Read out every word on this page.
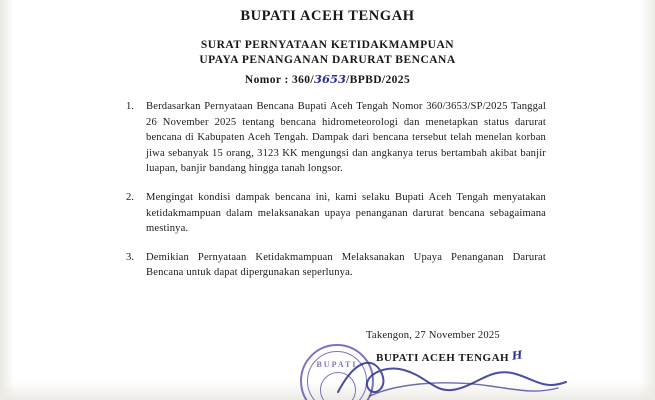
BUPATI ACEH TENGAH
SURAT PERNYATAAN KETIDAKMAMPUAN
UPAYA PENANGANAN DARURAT BENCANA
Nomor : 360/3653/BPBD/2025
1.	Berdasarkan Pernyataan Bencana Bupati Aceh Tengah Nomor 360/3653/SP/2025 Tanggal 26 November 2025 tentang bencana hidrometeorologi dan menetapkan status darurat bencana di Kabupaten Aceh Tengah. Dampak dari bencana tersebut telah menelan korban jiwa sebanyak 15 orang, 3123 KK mengungsi dan angkanya terus bertambah akibat banjir luapan, banjir bandang hingga tanah longsor.
2.	Mengingat kondisi dampak bencana ini, kami selaku Bupati Aceh Tengah menyatakan ketidakmampuan dalam melaksanakan upaya penanganan darurat bencana sebagaimana mestinya.
3.	Demikian Pernyataan Ketidakmampuan Melaksanakan Upaya Penanganan Darurat Bencana untuk dapat dipergunakan seperlunya.
Takengon, 27 November 2025
BUPATI ACEH TENGAH H
BUPATI
